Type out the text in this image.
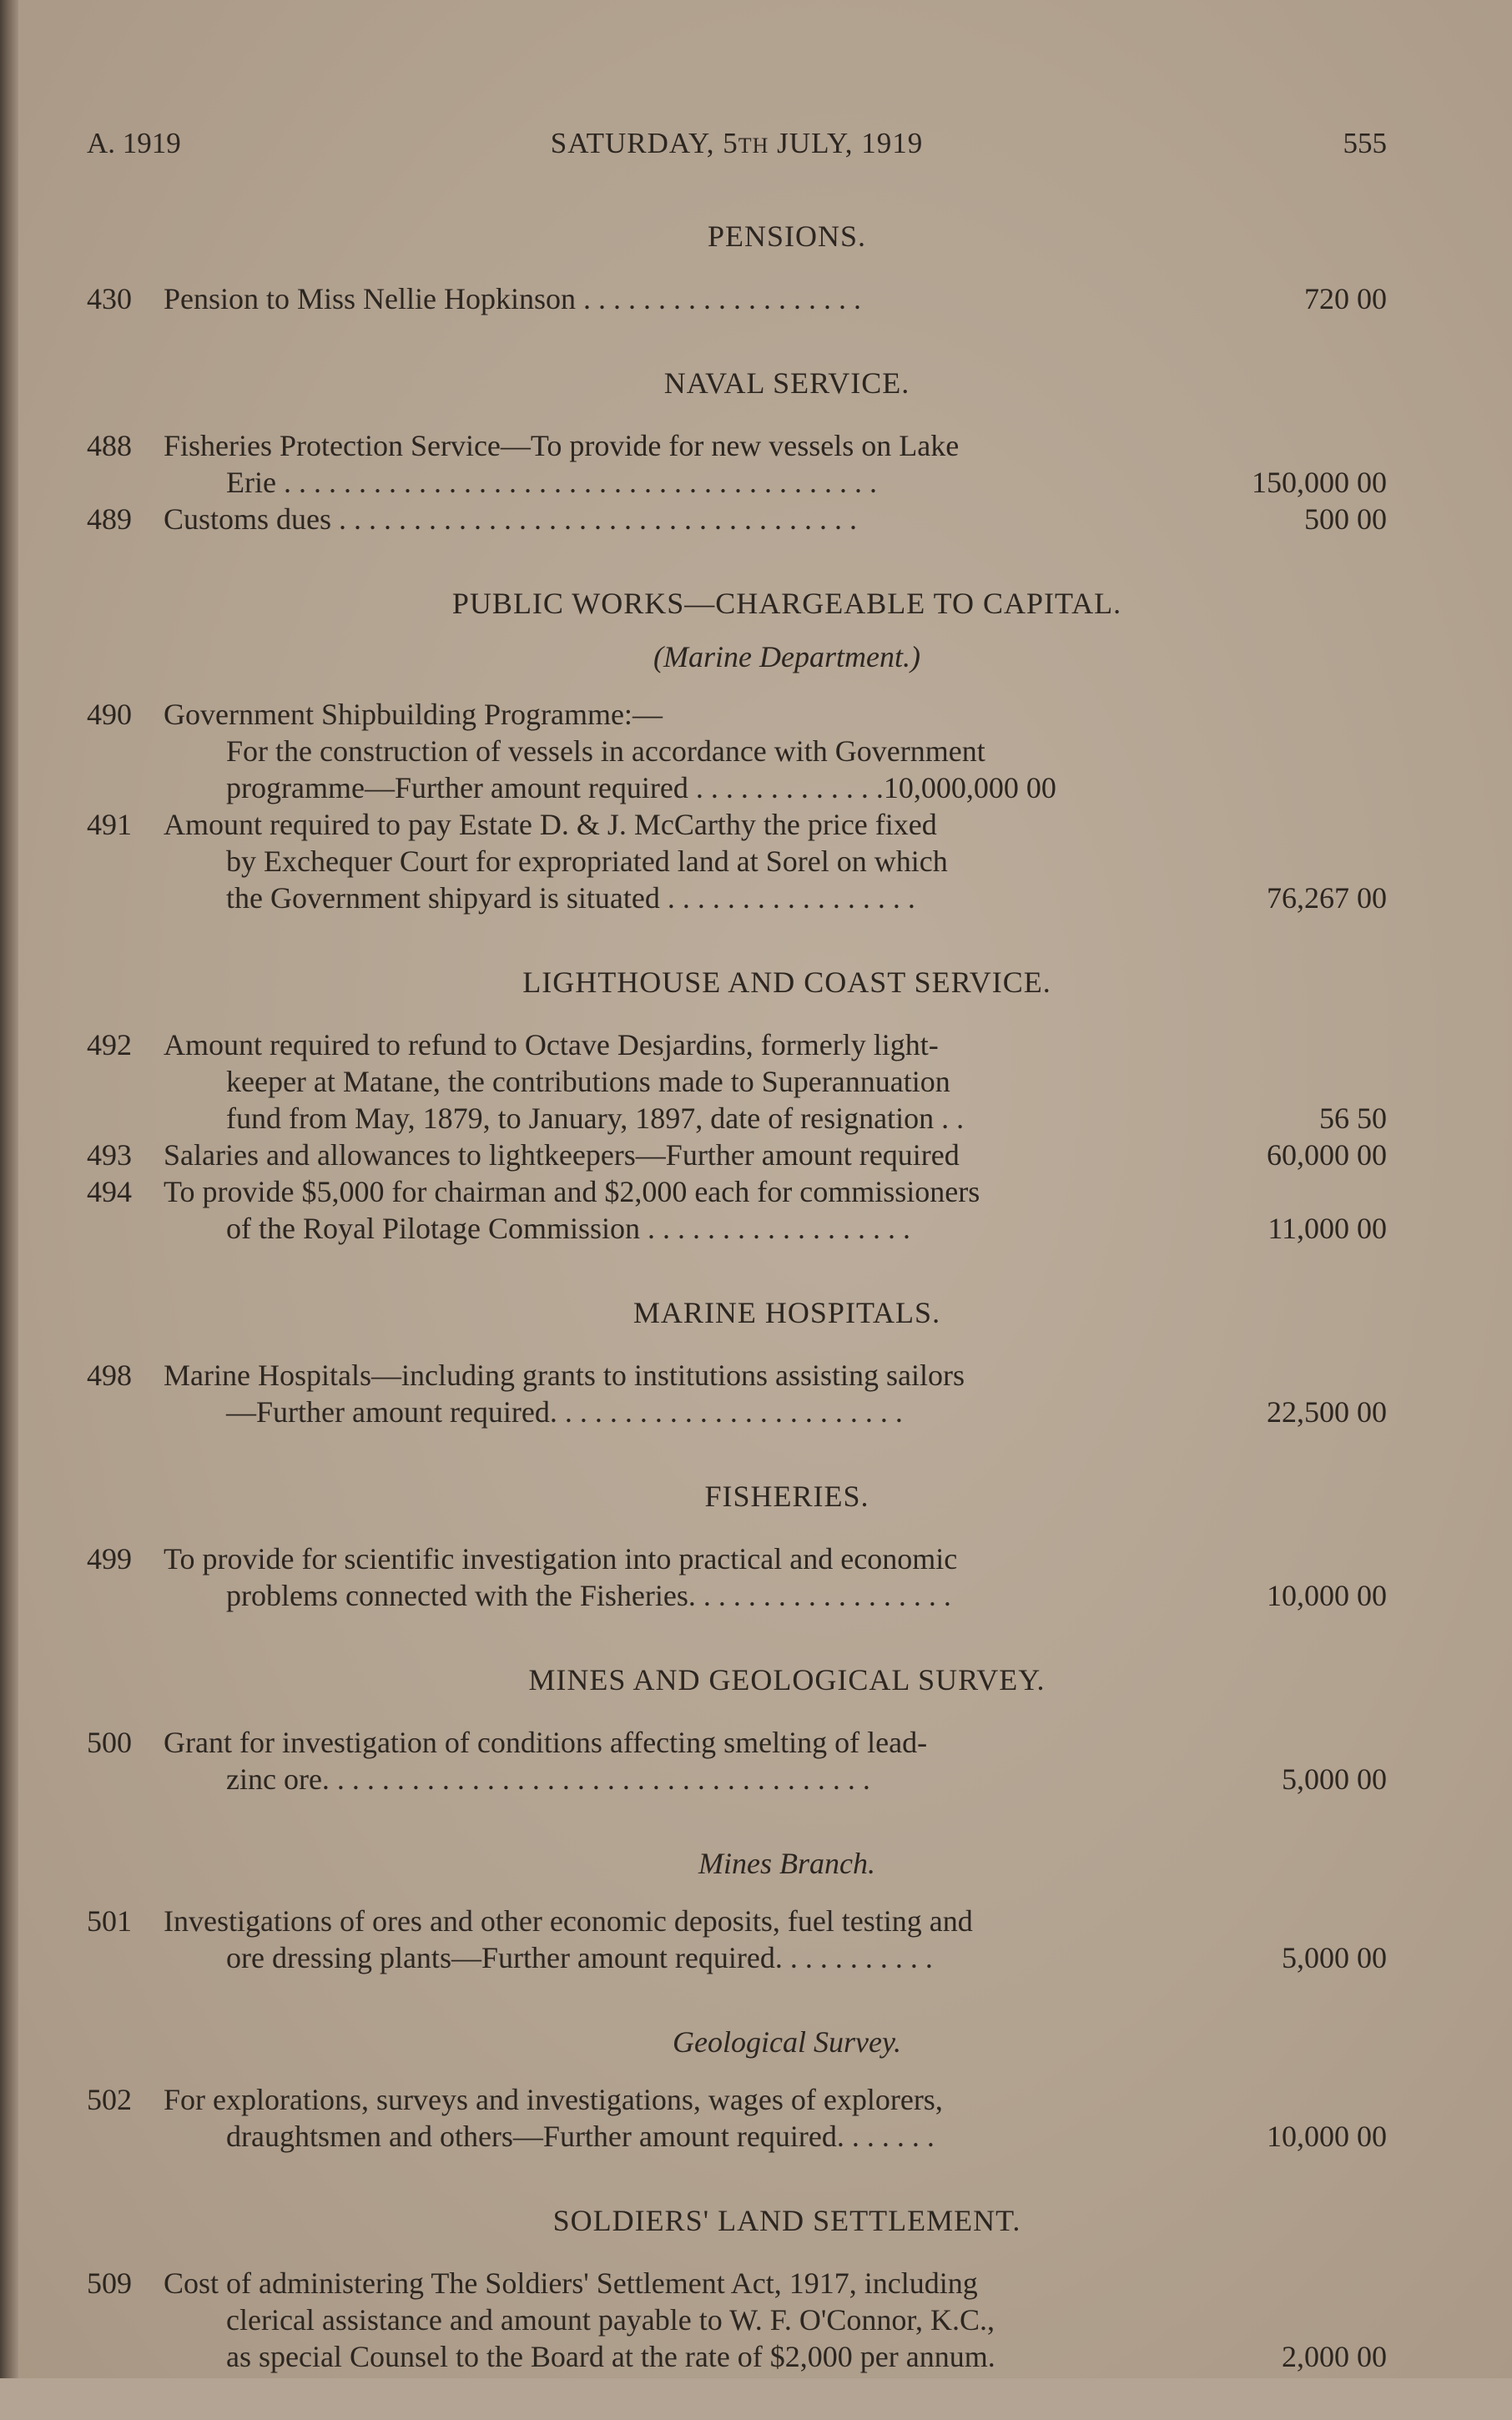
A. 1919	SATURDAY, 5TH JULY, 1919	555
PENSIONS.
430	Pension to Miss Nellie Hopkinson . . . . . . . . . . . . . . . . . . .	720 00
NAVAL SERVICE.
488	Fisheries Protection Service—To provide for new vessels on Lake
Erie . . . . . . . . . . . . . . . . . . . . . . . . . . . . . . . . . . . . . . . .	150,000 00
489	Customs dues . . . . . . . . . . . . . . . . . . . . . . . . . . . . . . . . . . .	500 00
PUBLIC WORKS—CHARGEABLE TO CAPITAL.
(Marine Department.)
490	Government Shipbuilding Programme:—
For the construction of vessels in accordance with Government
programme—Further amount required . . . . . . . . . . . . .10,000,000 00
491	Amount required to pay Estate D. & J. McCarthy the price fixed
by Exchequer Court for expropriated land at Sorel on which
the Government shipyard is situated . . . . . . . . . . . . . . . . .	76,267 00
LIGHTHOUSE AND COAST SERVICE.
492	Amount required to refund to Octave Desjardins, formerly light-
keeper at Matane, the contributions made to Superannuation
fund from May, 1879, to January, 1897, date of resignation . .	56 50
493	Salaries and allowances to lightkeepers—Further amount required	60,000 00
494	To provide $5,000 for chairman and $2,000 each for commissioners
of the Royal Pilotage Commission . . . . . . . . . . . . . . . . . .	11,000 00
MARINE HOSPITALS.
498	Marine Hospitals—including grants to institutions assisting sailors
—Further amount required. . . . . . . . . . . . . . . . . . . . . . . .	22,500 00
FISHERIES.
499	To provide for scientific investigation into practical and economic
problems connected with the Fisheries. . . . . . . . . . . . . . . . . .	10,000 00
MINES AND GEOLOGICAL SURVEY.
500	Grant for investigation of conditions affecting smelting of lead-
zinc ore. . . . . . . . . . . . . . . . . . . . . . . . . . . . . . . . . . . . .	5,000 00
Mines Branch.
501	Investigations of ores and other economic deposits, fuel testing and
ore dressing plants—Further amount required. . . . . . . . . . .	5,000 00
Geological Survey.
502	For explorations, surveys and investigations, wages of explorers,
draughtsmen and others—Further amount required. . . . . . .	10,000 00
SOLDIERS' LAND SETTLEMENT.
509	Cost of administering The Soldiers' Settlement Act, 1917, including
clerical assistance and amount payable to W. F. O'Connor, K.C.,
as special Counsel to the Board at the rate of $2,000 per annum.	2,000 00
